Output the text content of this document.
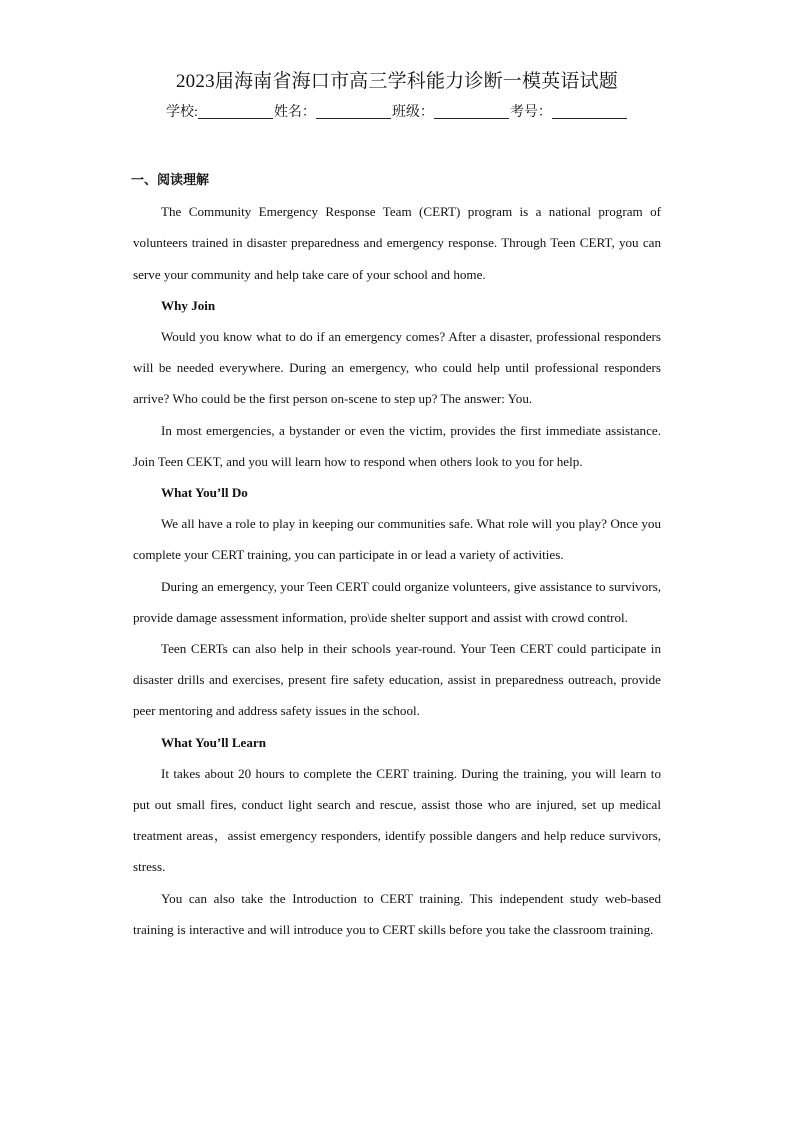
2023届海南省海口市高三学科能力诊断一模英语试题
学校:	姓名：	班级：	考号：

一、阅读理解

The Community Emergency Response Team (CERT) program is a national program of volunteers trained in disaster preparedness and emergency response. Through Teen CERT, you can serve your community and help take care of your school and home.

Why Join

Would you know what to do if an emergency comes? After a disaster, professional responders will be needed everywhere. During an emergency, who could help until professional responders arrive? Who could be the first person on-scene to step up? The answer: You.

In most emergencies, a bystander or even the victim, provides the first immediate assistance. Join Teen CEKT, and you will learn how to respond when others look to you for help.

What You’ll Do

We all have a role to play in keeping our communities safe. What role will you play? Once you complete your CERT training, you can participate in or lead a variety of activities.

During an emergency, your Teen CERT could organize volunteers, give assistance to survivors, provide damage assessment information, pro\ide shelter support and assist with crowd control.

Teen CERTs can also help in their schools year-round. Your Teen CERT could participate in disaster drills and exercises, present fire safety education, assist in preparedness outreach, provide peer mentoring and address safety issues in the school.

What You’ll Learn

It takes about 20 hours to complete the CERT training. During the training, you will learn to put out small fires, conduct light search and rescue, assist those who are injured, set up medical treatment areas，assist emergency responders, identify possible dangers and help reduce survivors, stress.

You can also take the Introduction to CERT training. This independent study web-based training is interactive and will introduce you to CERT skills before you take the classroom training.
